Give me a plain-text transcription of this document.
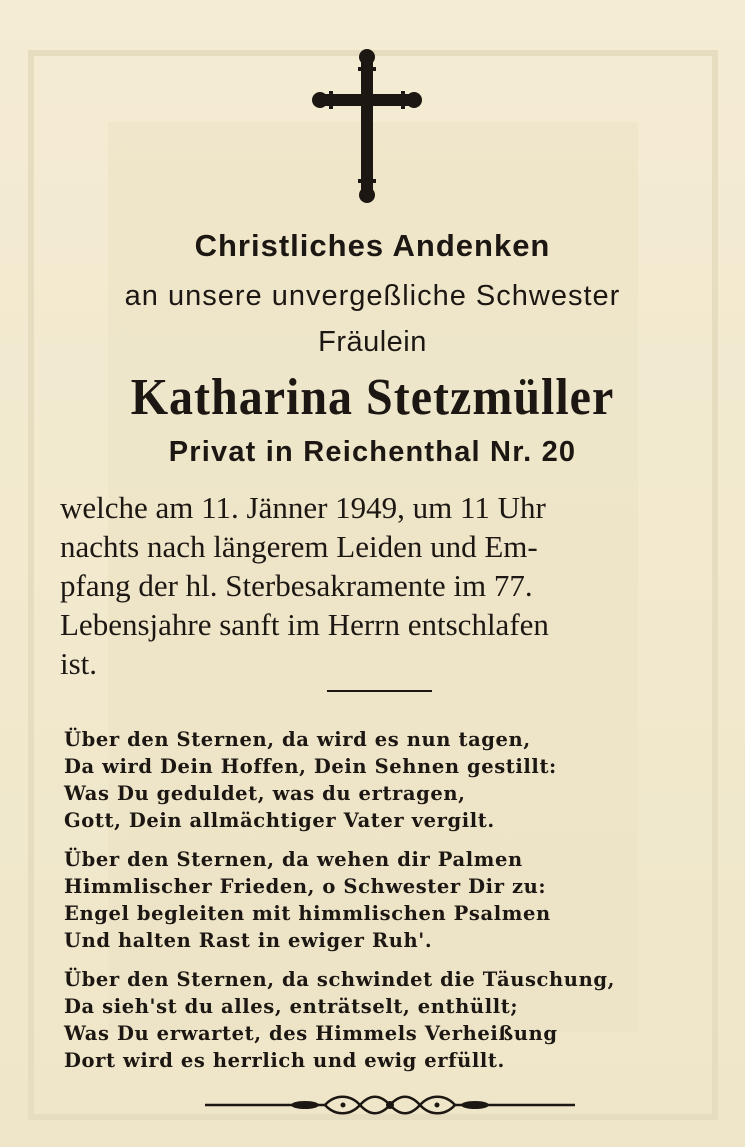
Christliches Andenken
an unsere unvergeßliche Schwester
Fräulein
Katharina Stetzmüller
Privat in Reichenthal Nr. 20
welche am 11. Jänner 1949, um 11 Uhr
nachts nach längerem Leiden und Em-
pfang der hl. Sterbesakramente im 77.
Lebensjahre sanft im Herrn entschlafen
ist.
Über den Sternen, da wird es nun tagen,
Da wird Dein Hoffen, Dein Sehnen gestillt:
Was Du geduldet, was du ertragen,
Gott, Dein allmächtiger Vater vergilt.
Über den Sternen, da wehen dir Palmen
Himmlischer Frieden, o Schwester Dir zu:
Engel begleiten mit himmlischen Psalmen
Und halten Rast in ewiger Ruh'.
Über den Sternen, da schwindet die Täuschung,
Da sieh'st du alles, enträtselt, enthüllt;
Was Du erwartet, des Himmels Verheißung
Dort wird es herrlich und ewig erfüllt.
